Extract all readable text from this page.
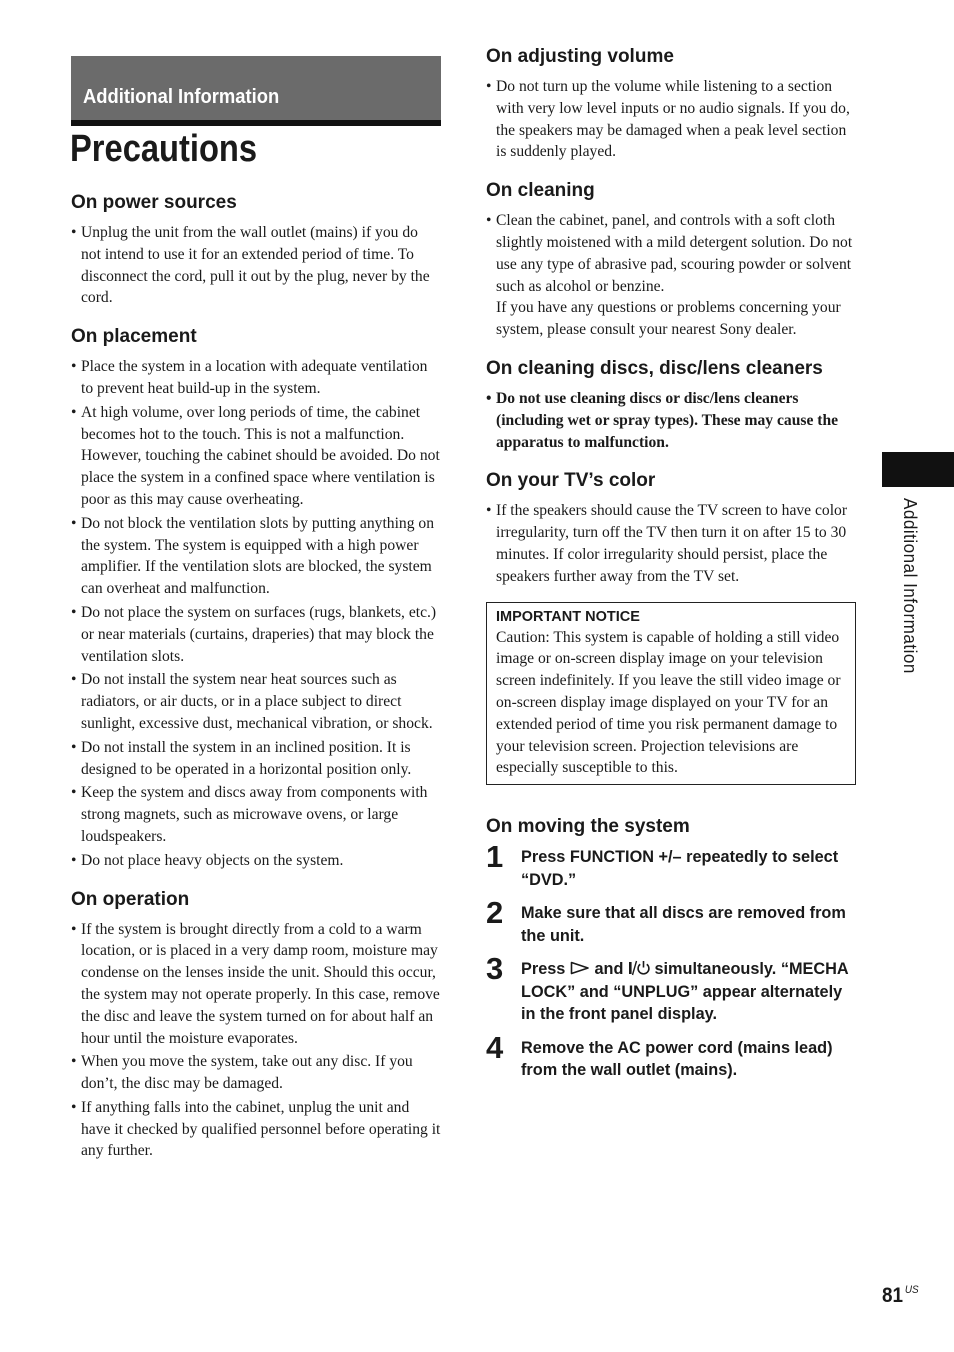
Additional Information
Precautions
On power sources
• Unplug the unit from the wall outlet (mains) if you do not intend to use it for an extended period of time. To disconnect the cord, pull it out by the plug, never by the cord.
On placement
• Place the system in a location with adequate ventilation to prevent heat build-up in the system.
• At high volume, over long periods of time, the cabinet becomes hot to the touch. This is not a malfunction. However, touching the cabinet should be avoided. Do not place the system in a confined space where ventilation is poor as this may cause overheating.
• Do not block the ventilation slots by putting anything on the system. The system is equipped with a high power amplifier. If the ventilation slots are blocked, the system can overheat and malfunction.
• Do not place the system on surfaces (rugs, blankets, etc.) or near materials (curtains, draperies) that may block the ventilation slots.
• Do not install the system near heat sources such as radiators, or air ducts, or in a place subject to direct sunlight, excessive dust, mechanical vibration, or shock.
• Do not install the system in an inclined position. It is designed to be operated in a horizontal position only.
• Keep the system and discs away from components with strong magnets, such as microwave ovens, or large loudspeakers.
• Do not place heavy objects on the system.
On operation
• If the system is brought directly from a cold to a warm location, or is placed in a very damp room, moisture may condense on the lenses inside the unit. Should this occur, the system may not operate properly. In this case, remove the disc and leave the system turned on for about half an hour until the moisture evaporates.
• When you move the system, take out any disc. If you don’t, the disc may be damaged.
• If anything falls into the cabinet, unplug the unit and have it checked by qualified personnel before operating it any further.
On adjusting volume
• Do not turn up the volume while listening to a section with very low level inputs or no audio signals. If you do, the speakers may be damaged when a peak level section is suddenly played.
On cleaning
• Clean the cabinet, panel, and controls with a soft cloth slightly moistened with a mild detergent solution. Do not use any type of abrasive pad, scouring powder or solvent such as alcohol or benzine.
If you have any questions or problems concerning your system, please consult your nearest Sony dealer.
On cleaning discs, disc/lens cleaners
• Do not use cleaning discs or disc/lens cleaners (including wet or spray types). These may cause the apparatus to malfunction.
On your TV’s color
• If the speakers should cause the TV screen to have color irregularity, turn off the TV then turn it on after 15 to 30 minutes. If color irregularity should persist, place the speakers further away from the TV set.
IMPORTANT NOTICE
Caution: This system is capable of holding a still video image or on-screen display image on your television screen indefinitely. If you leave the still video image or on-screen display image displayed on your TV for an extended period of time you risk permanent damage to your television screen. Projection televisions are especially susceptible to this.
On moving the system
1 Press FUNCTION +/– repeatedly to select “DVD.”
2 Make sure that all discs are removed from the unit.
3 Press and simultaneously. “MECHA LOCK” and “UNPLUG” appear alternately in the front panel display.
4 Remove the AC power cord (mains lead) from the wall outlet (mains).
Additional Information
81 $^{US}$
